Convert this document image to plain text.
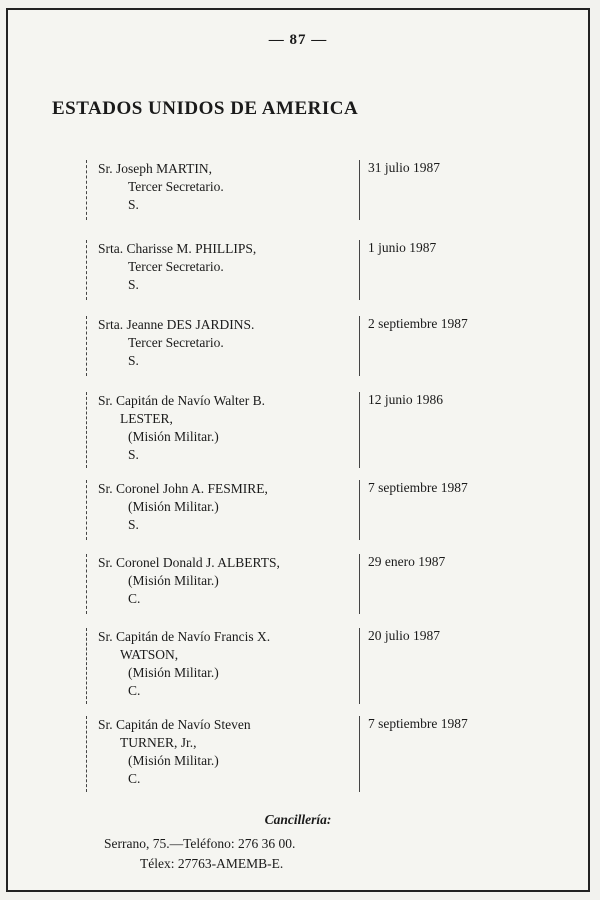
— 87 —
ESTADOS UNIDOS DE AMERICA
Sr. Joseph MARTIN,
Tercer Secretario.
S.
31 julio 1987
Srta. Charisse M. PHILLIPS,
Tercer Secretario.
S.
1 junio 1987
Srta. Jeanne DES JARDINS.
Tercer Secretario.
S.
2 septiembre 1987
Sr. Capitán de Navío Walter B.
LESTER,
(Misión Militar.)
S.
12 junio 1986
Sr. Coronel John A. FESMIRE,
(Misión Militar.)
S.
7 septiembre 1987
Sr. Coronel Donald J. ALBERTS,
(Misión Militar.)
C.
29 enero 1987
Sr. Capitán de Navío Francis X.
WATSON,
(Misión Militar.)
C.
20 julio 1987
Sr. Capitán de Navío Steven
TURNER, Jr.,
(Misión Militar.)
C.
7 septiembre 1987
Cancillería:
Serrano, 75.—Teléfono: 276 36 00.
Télex: 27763-AMEMB-E.
